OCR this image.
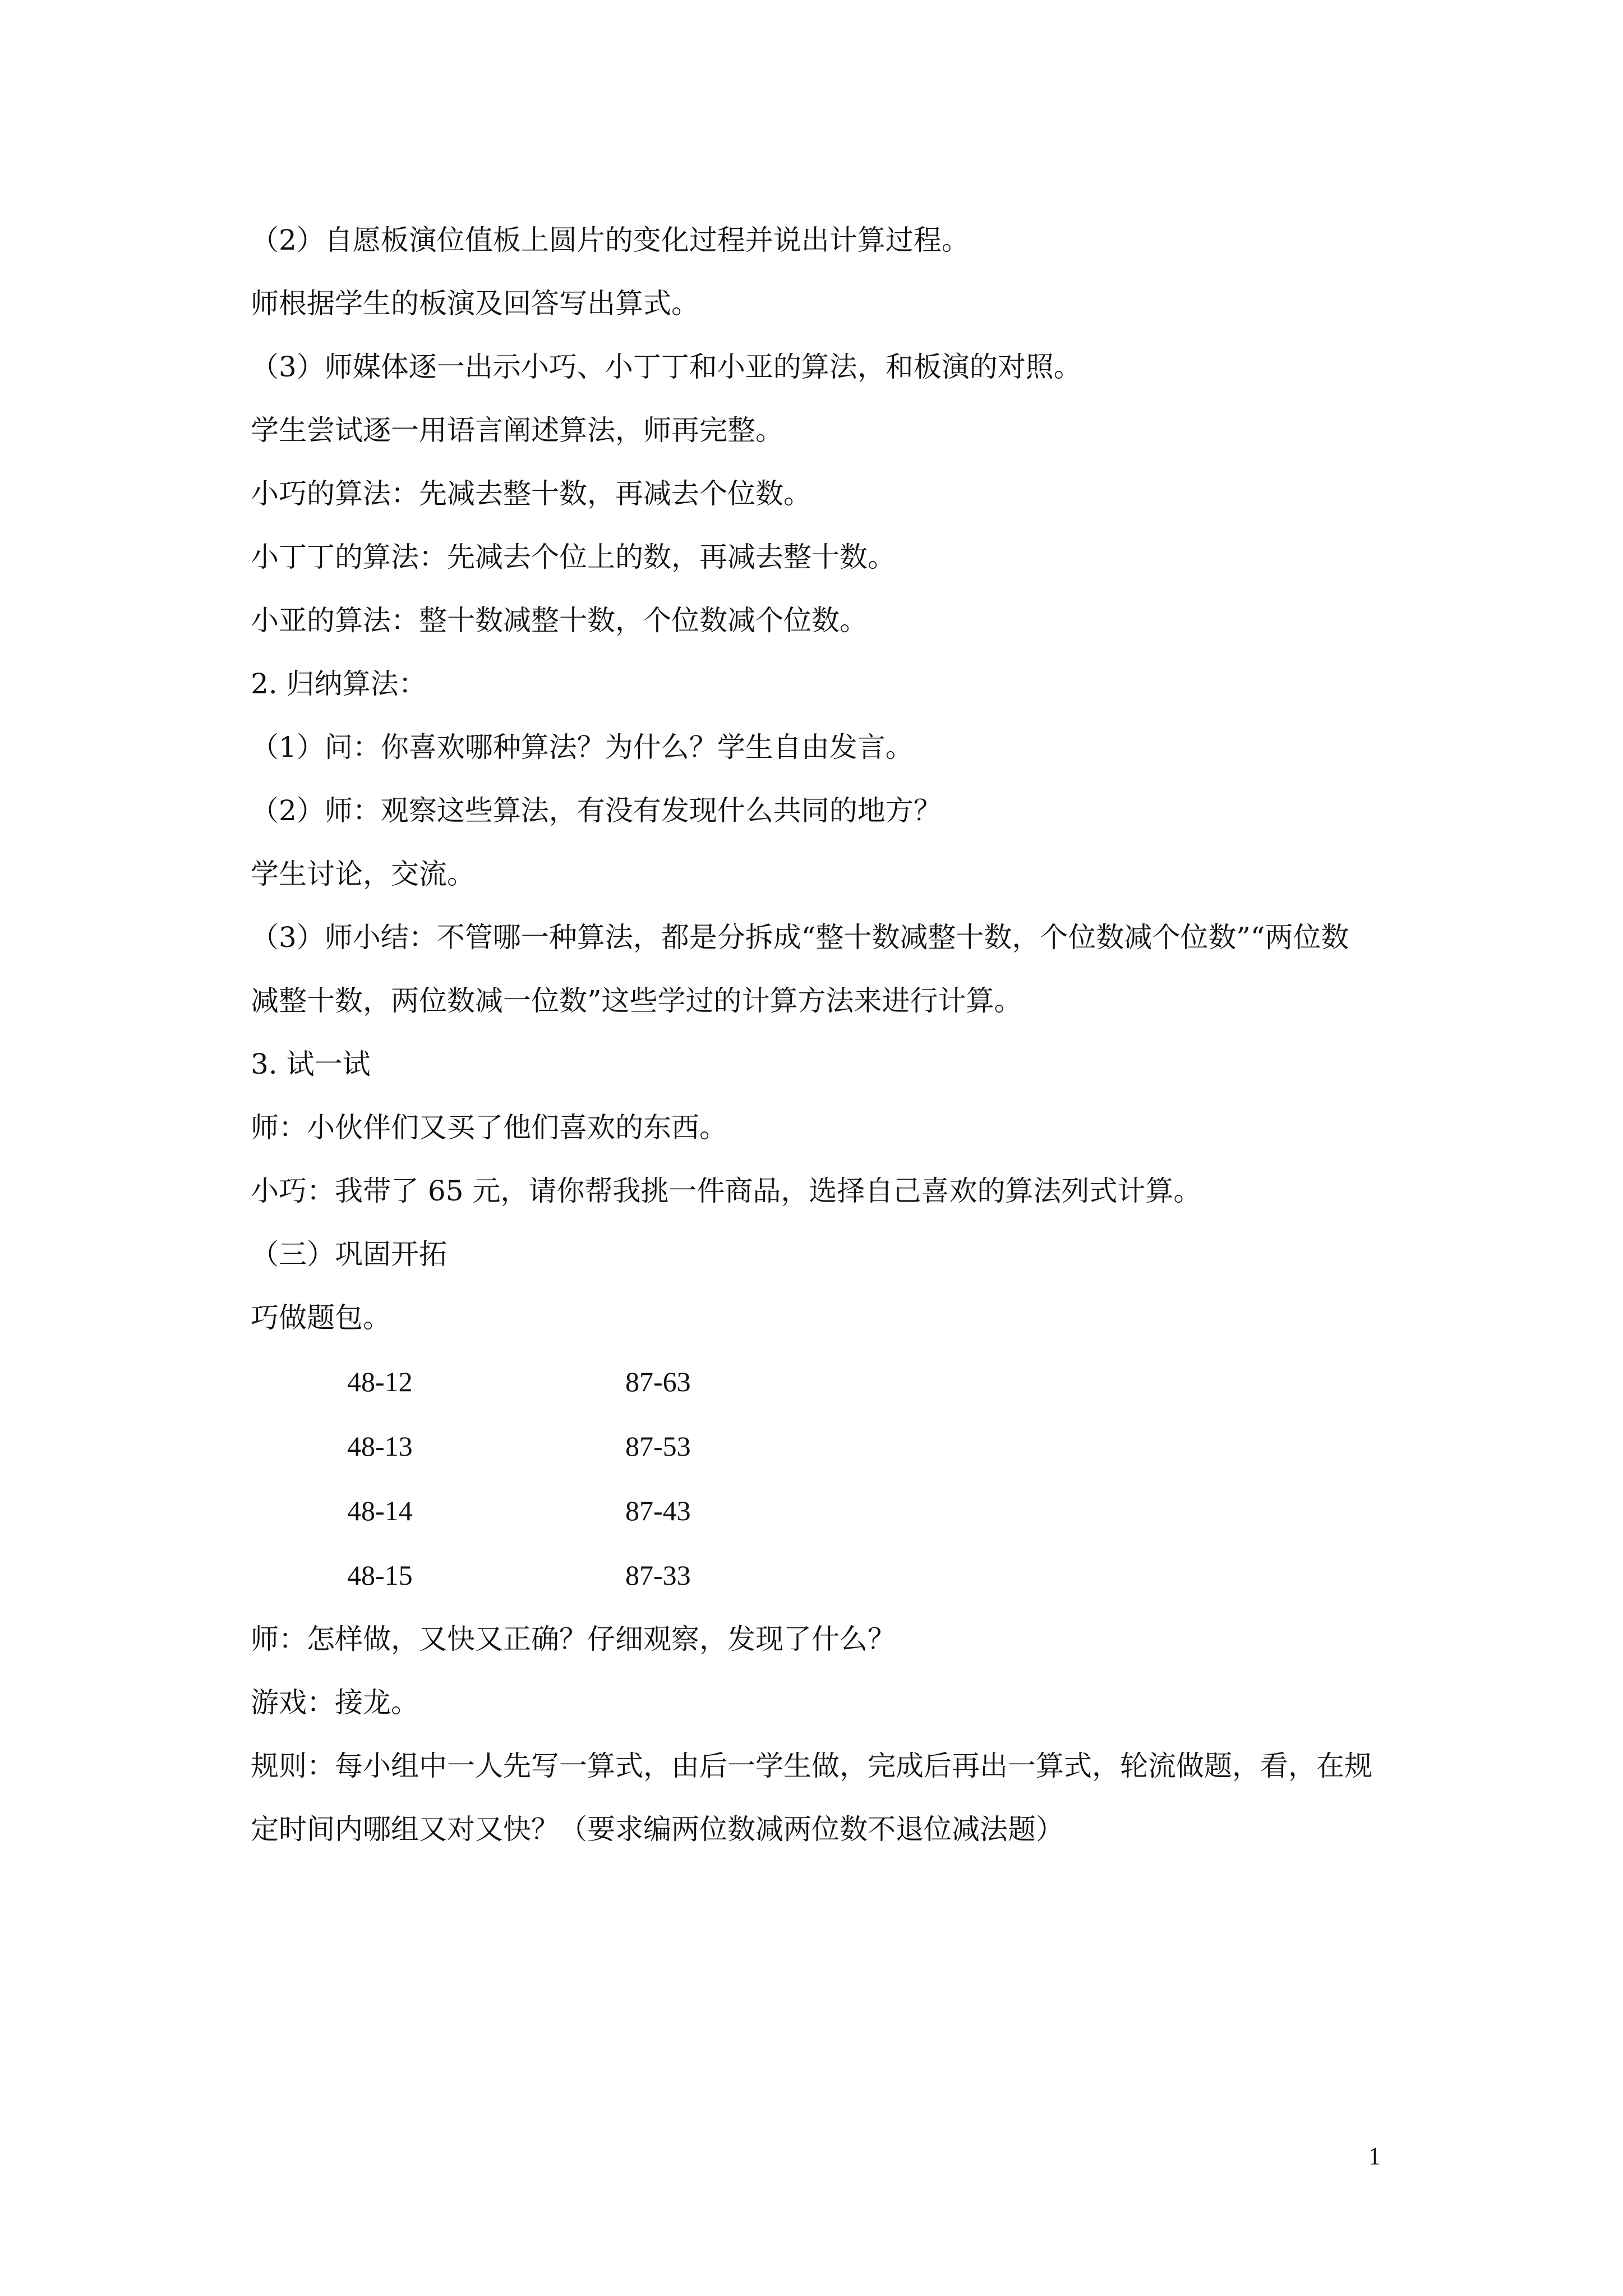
（2）自愿板演位值板上圆片的变化过程并说出计算过程。
师根据学生的板演及回答写出算式。
（3）师媒体逐一出示小巧、小丁丁和小亚的算法，和板演的对照。
学生尝试逐一用语言阐述算法，师再完整。
小巧的算法：先减去整十数，再减去个位数。
小丁丁的算法：先减去个位上的数，再减去整十数。
小亚的算法：整十数减整十数，个位数减个位数。
2. 归纳算法：
（1）问：你喜欢哪种算法？为什么？学生自由发言。
（2）师：观察这些算法，有没有发现什么共同的地方？
学生讨论，交流。
（3）师小结：不管哪一种算法，都是分拆成“整十数减整十数，个位数减个位数”“两位数
减整十数，两位数减一位数”这些学过的计算方法来进行计算。
3. 试一试
师：小伙伴们又买了他们喜欢的东西。
小巧：我带了 65 元，请你帮我挑一件商品，选择自己喜欢的算法列式计算。
（三）巩固开拓
巧做题包。
48-12	87-63
48-13	87-53
48-14	87-43
48-15	87-33
师：怎样做，又快又正确？仔细观察，发现了什么？
游戏：接龙。
规则：每小组中一人先写一算式，由后一学生做，完成后再出一算式，轮流做题，看，在规
定时间内哪组又对又快？（要求编两位数减两位数不退位减法题）
1
